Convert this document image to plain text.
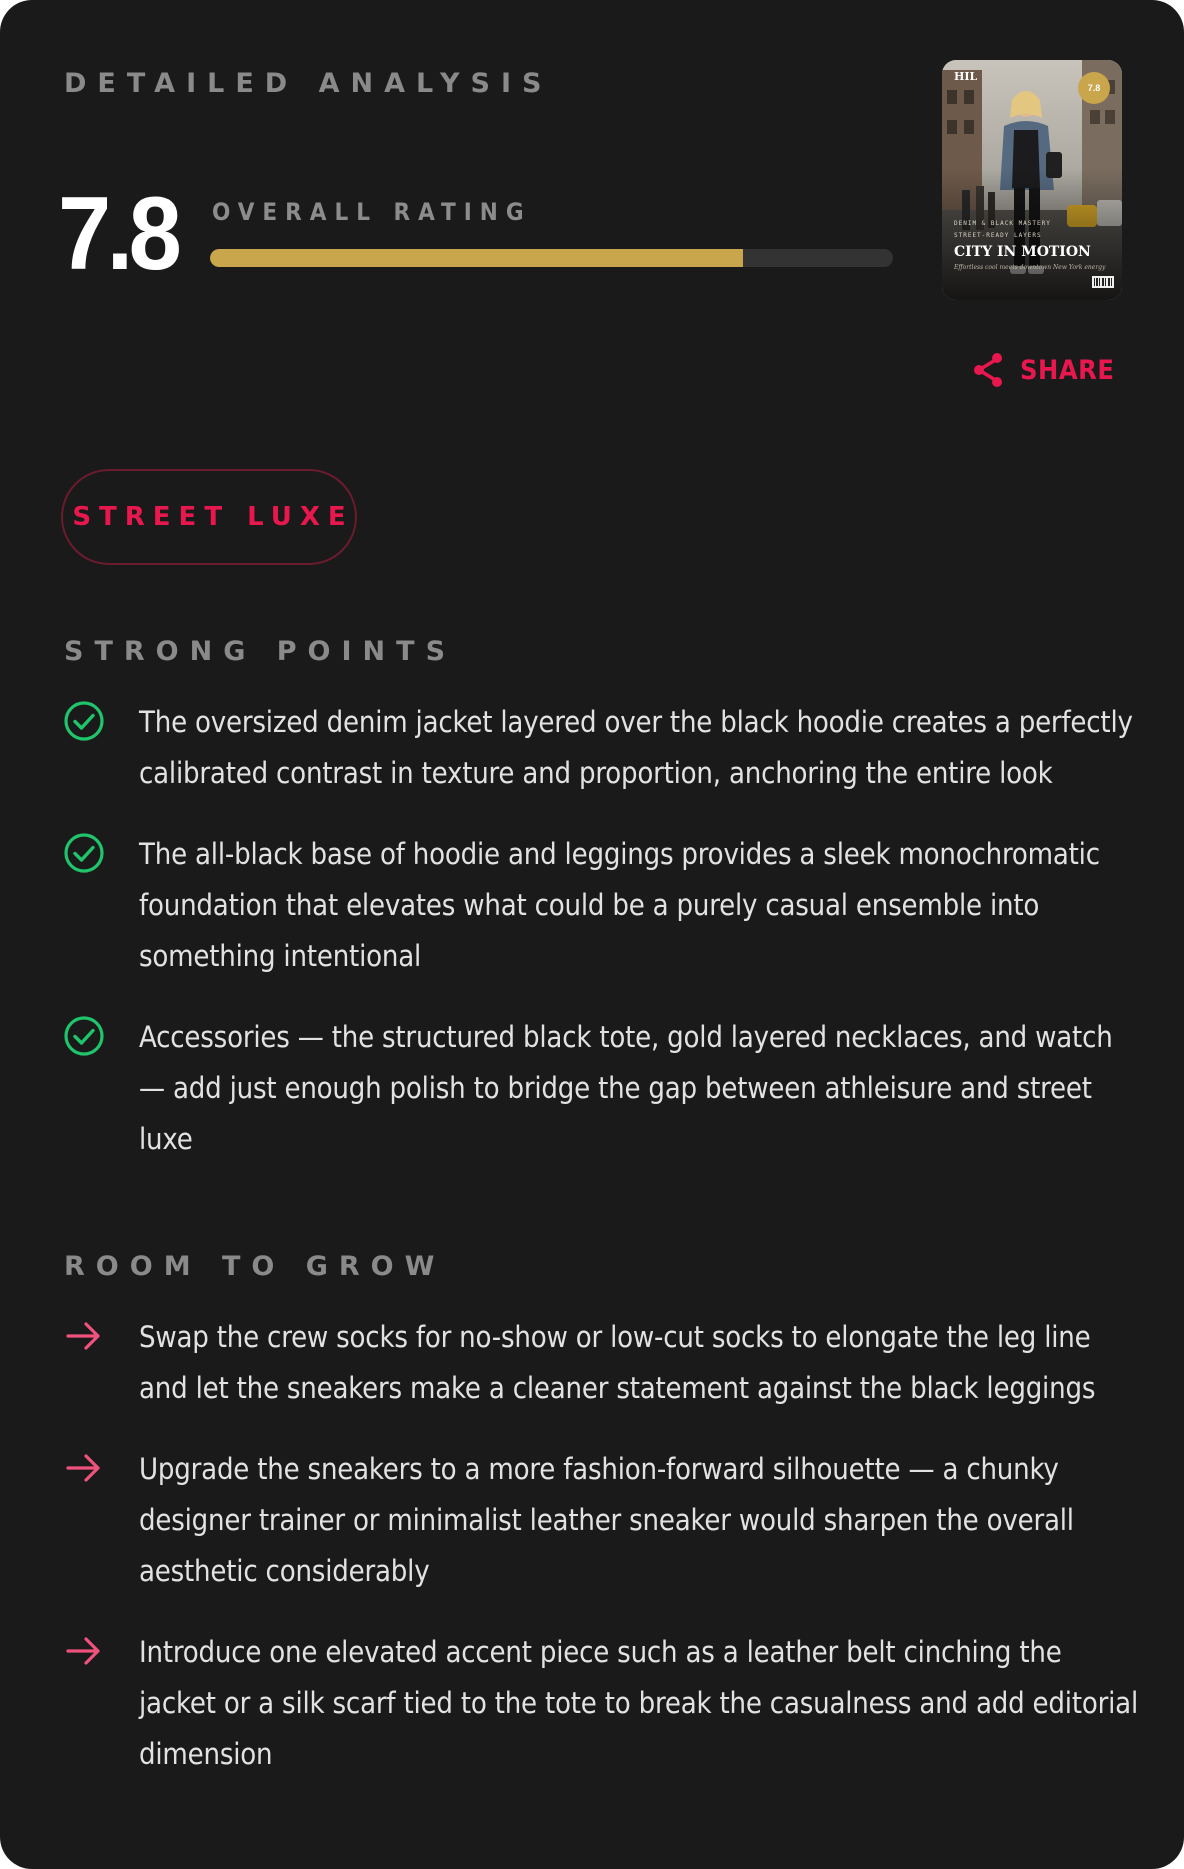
DETAILED ANALYSIS
7.8 OVERALL RATING
HIL
7.8
DENIM & BLACK MASTERY
STREET-READY LAYERS
CITY IN MOTION
Effortless cool meets downtown New York energy
SHARE
STREET LUXE
STRONG POINTS
The oversized denim jacket layered over the black hoodie creates a perfectly calibrated contrast in texture and proportion, anchoring the entire look
The all-black base of hoodie and leggings provides a sleek monochromatic foundation that elevates what could be a purely casual ensemble into something intentional
Accessories — the structured black tote, gold layered necklaces, and watch — add just enough polish to bridge the gap between athleisure and street luxe
ROOM TO GROW
Swap the crew socks for no-show or low-cut socks to elongate the leg line and let the sneakers make a cleaner statement against the black leggings
Upgrade the sneakers to a more fashion-forward silhouette — a chunky designer trainer or minimalist leather sneaker would sharpen the overall aesthetic considerably
Introduce one elevated accent piece such as a leather belt cinching the jacket or a silk scarf tied to the tote to break the casualness and add editorial dimension
